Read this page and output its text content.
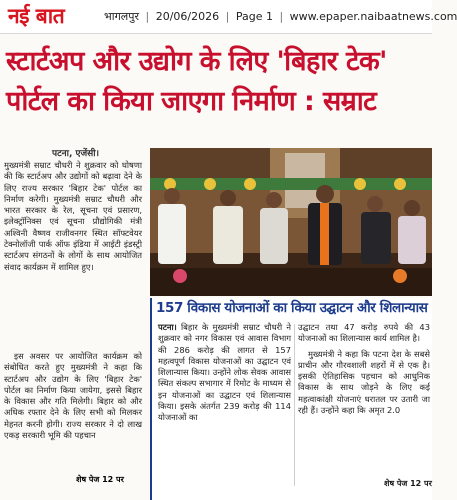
नई बात	भागलपुर | 20/06/2026 | Page 1 | www.epaper.naibaatnews.com
स्टार्टअप और उद्योग के लिए 'बिहार टेक'
पोर्टल का किया जाएगा निर्माण : सम्राट
पटना, एजेंसी।
मुख्यमंत्री सम्राट चौधरी ने शुक्रवार को घोषणा की कि स्टार्टअप और उद्योगों को बढ़ावा देने के लिए राज्य सरकार 'बिहार टेक' पोर्टल का निर्माण करेगी। मुख्यमंत्री सम्राट चौधरी और भारत सरकार के रेल, सूचना एवं प्रसारण, इलेक्ट्रॉनिक्स एवं सूचना प्रौद्योगिकी मंत्री अश्विनी वैष्णव राजीवनगर स्थित सॉफ्टवेयर टेक्नोलॉजी पार्क ऑफ इंडिया में आईटी इंडस्ट्री स्टार्टअप संगठनों के लोगों के साथ आयोजित संवाद कार्यक्रम में शामिल हुए।
इस अवसर पर आयोजित कार्यक्रम को संबोधित करते हुए मुख्यमंत्री ने कहा कि स्टार्टअप और उद्योग के लिए 'बिहार टेक' पोर्टल का निर्माण किया जायेगा, इससे बिहार के विकास और गति मिलेगी। बिहार को और अधिक रफ्तार देने के लिए सभी को मिलकर मेहनत करनी होगी। राज्य सरकार ने दो लाख एकड़ सरकारी भूमि की पहचान
शेष पेज 12 पर
157 विकास योजनाओं का किया उद्घाटन और शिलान्यास
पटना। बिहार के मुख्यमंत्री सम्राट चौधरी ने शुक्रवार को नगर विकास एवं आवास विभाग की 286 करोड़ की लागत से 157 महत्वपूर्ण विकास योजनाओं का उद्घाटन एवं शिलान्यास किया। उन्होंने लोक सेवक आवास स्थित संकल्प सभागार में रिमोट के माध्यम से इन योजनाओं का उद्घाटन एवं शिलान्यास किया। इसके अंतर्गत 239 करोड़ की 114 योजनाओं का
उद्घाटन तथा 47 करोड़ रुपये की 43 योजनाओं का शिलान्यास कार्य शामिल है।
मुख्यमंत्री ने कहा कि पटना देश के सबसे प्राचीन और गौरवशाली शहरों में से एक है। इसकी ऐतिहासिक पहचान को आधुनिक विकास के साथ जोड़ने के लिए कई महत्वाकांक्षी योजनाएं धरातल पर उतारी जा रही हैं। उन्होंने कहा कि अमृत 2.0
शेष पेज 12 पर
